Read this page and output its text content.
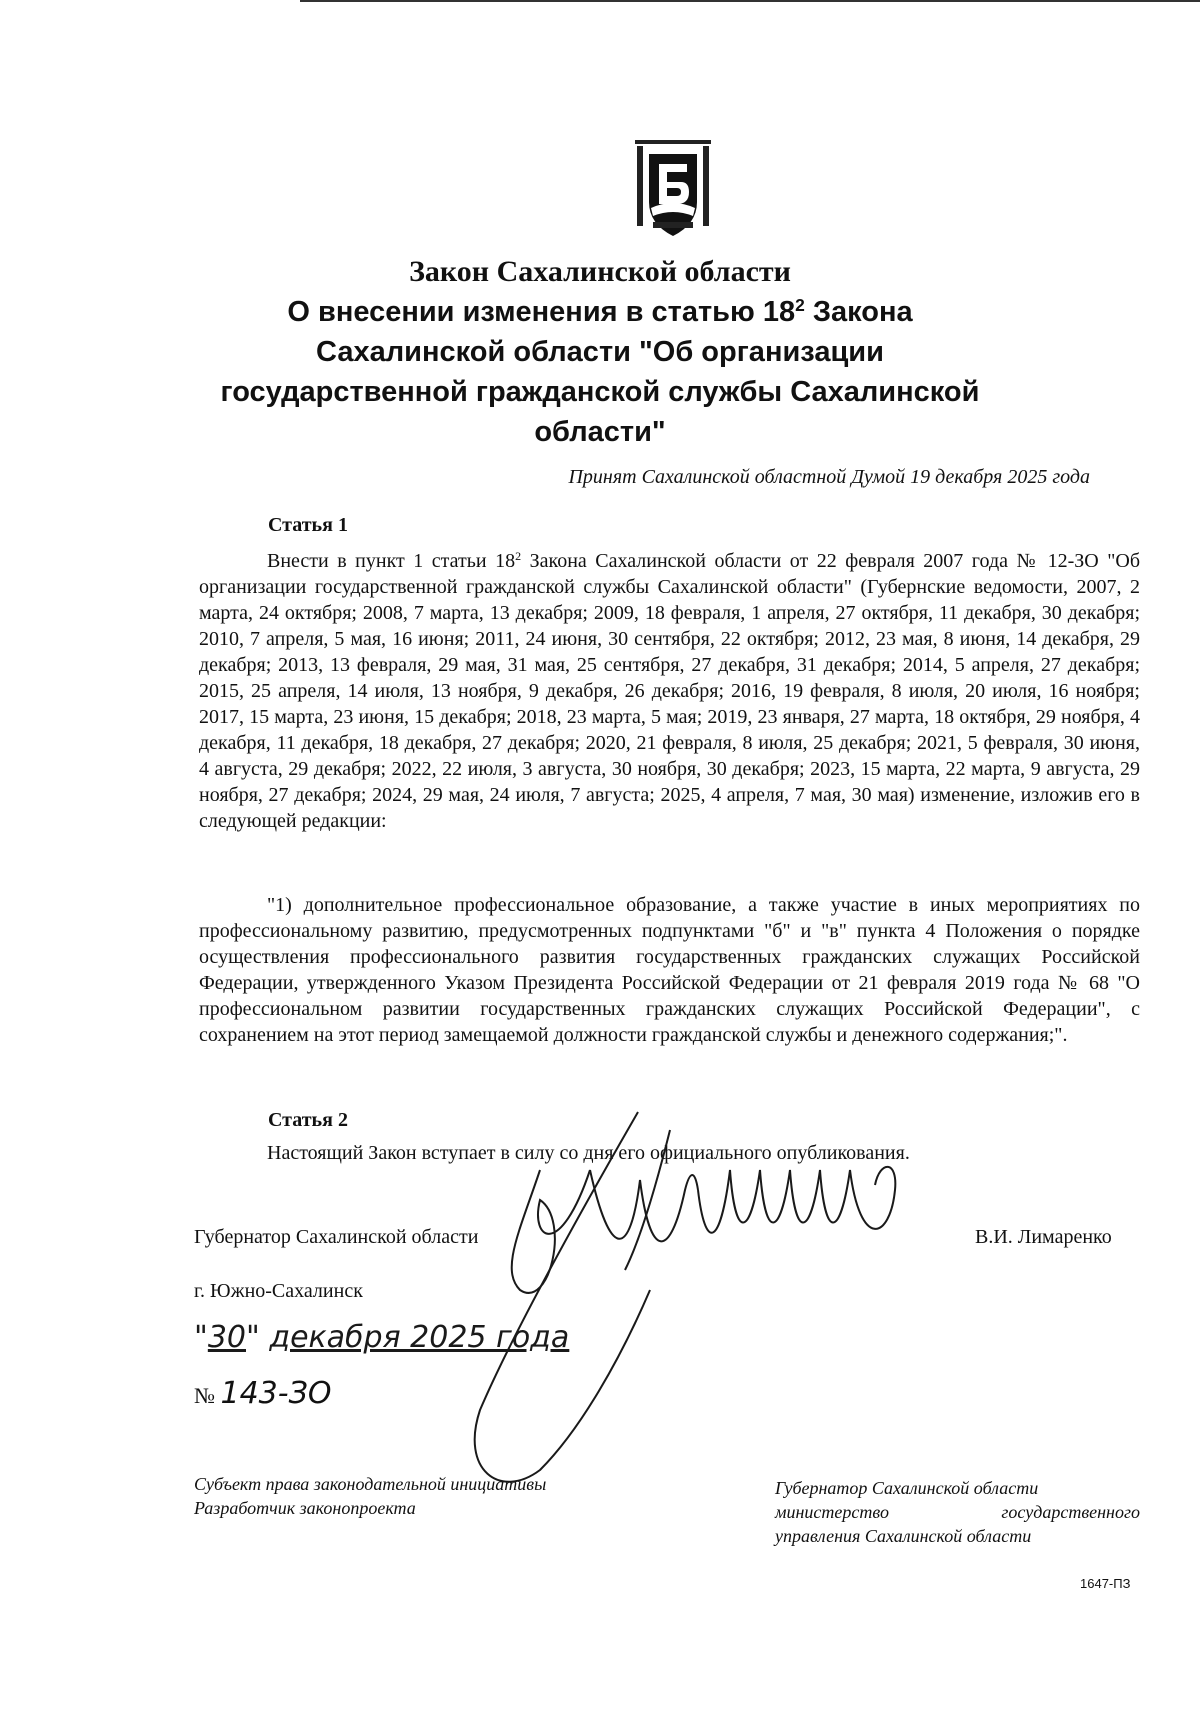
Закон Сахалинской области
О внесении изменения в статью $18^2$ Закона
Сахалинской области "Об организации
государственной гражданской службы Сахалинской
области"

Принят Сахалинской областной Думой 19 декабря 2025 года

Статья 1

Внести в пункт 1 статьи $18^2$ Закона Сахалинской области от 22 февраля 2007 года № 12-ЗО "Об организации государственной гражданской службы Сахалинской области" (Губернские ведомости, 2007, 2 марта, 24 октября; 2008, 7 марта, 13 декабря; 2009, 18 февраля, 1 апреля, 27 октября, 11 декабря, 30 декабря; 2010, 7 апреля, 5 мая, 16 июня; 2011, 24 июня, 30 сентября, 22 октября; 2012, 23 мая, 8 июня, 14 декабря, 29 декабря; 2013, 13 февраля, 29 мая, 31 мая, 25 сентября, 27 декабря, 31 декабря; 2014, 5 апреля, 27 декабря; 2015, 25 апреля, 14 июля, 13 ноября, 9 декабря, 26 декабря; 2016, 19 февраля, 8 июля, 20 июля, 16 ноября; 2017, 15 марта, 23 июня, 15 декабря; 2018, 23 марта, 5 мая; 2019, 23 января, 27 марта, 18 октября, 29 ноября, 4 декабря, 11 декабря, 18 декабря, 27 декабря; 2020, 21 февраля, 8 июля, 25 декабря; 2021, 5 февраля, 30 июня, 4 августа, 29 декабря; 2022, 22 июля, 3 августа, 30 ноября, 30 декабря; 2023, 15 марта, 22 марта, 9 августа, 29 ноября, 27 декабря; 2024, 29 мая, 24 июля, 7 августа; 2025, 4 апреля, 7 мая, 30 мая) изменение, изложив его в следующей редакции:

"1) дополнительное профессиональное образование, а также участие в иных мероприятиях по профессиональному развитию, предусмотренных подпунктами "б" и "в" пункта 4 Положения о порядке осуществления профессионального развития государственных гражданских служащих Российской Федерации, утвержденного Указом Президента Российской Федерации от 21 февраля 2019 года № 68 "О профессиональном развитии государственных гражданских служащих Российской Федерации", с сохранением на этот период замещаемой должности гражданской службы и денежного содержания;".

Статья 2

Настоящий Закон вступает в силу со дня его официального опубликования.

Губернатор Сахалинской области	В.И. Лимаренко

г. Южно-Сахалинск

"30" декабря 2025 года
№ 143-ЗО

Субъект права законодательной инициативы
Разработчик законопроекта

Губернатор Сахалинской области

министерство государственного
управления Сахалинской области

1647-ПЗ
